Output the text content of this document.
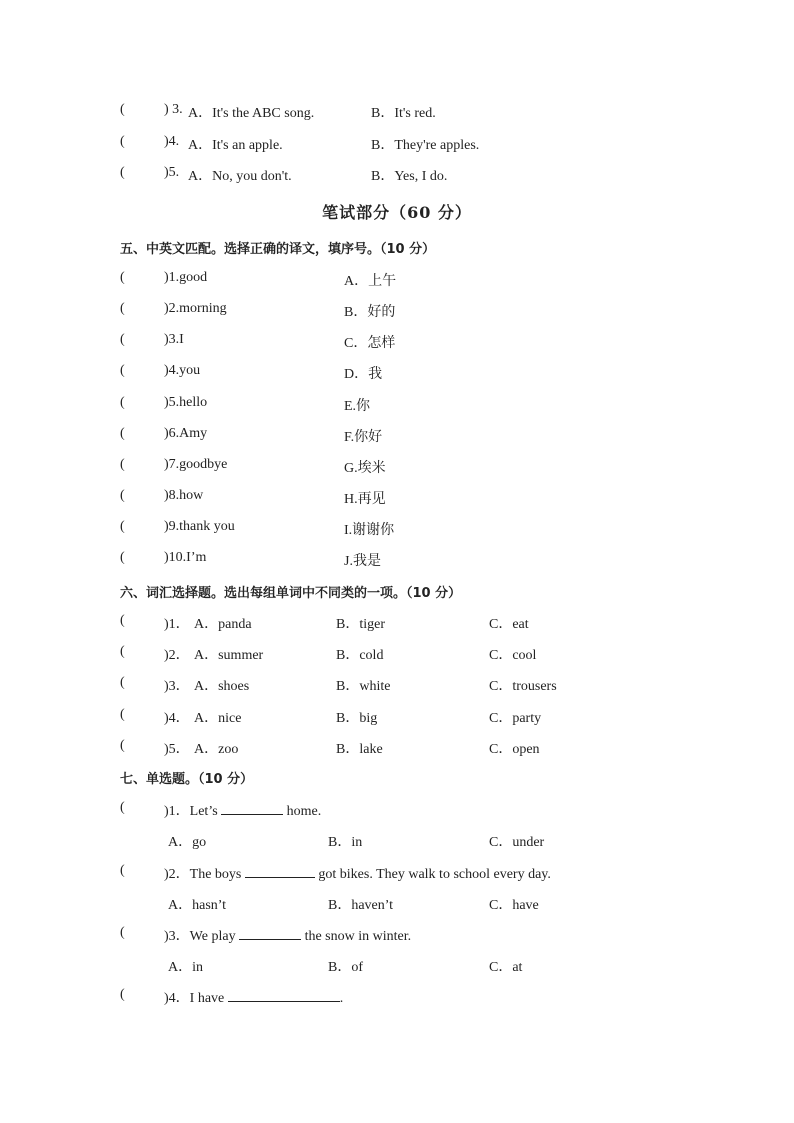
(	) 3. A．It's the ABC song.	B．It's red.
(	)4. A．It's an apple.	B．They're apples.
(	)5. A．No, you don't.	B．Yes, I do.
笔试部分（60 分）
五、中英文匹配。选择正确的译文，填序号。（10 分）
(	)1.good	A．上午
(	)2.morning	B．好的
(	)3.I	C．怎样
(	)4.you	D．我
(	)5.hello	E.你
(	)6.Amy	F.你好
(	)7.goodbye	G.埃米
(	)8.how	H.再见
(	)9.thank you	I.谢谢你
(	)10.I’m	J.我是
六、词汇选择题。选出每组单词中不同类的一项。（10 分）
(	)1． A．panda	B．tiger	C．eat
(	)2． A．summer	B．cold	C．cool
(	)3． A．shoes	B．white	C．trousers
(	)4． A．nice	B．big	C．party
(	)5． A．zoo	B．lake	C．open
七、单选题。（10 分）
(	)1．Let’s	home.
A．go	B．in	C．under
(	)2．The boys	got bikes. They walk to school every day.
A．hasn’t	B．haven’t	C．have
(	)3．We play	the snow in winter.
A．in	B．of	C．at
(	)4．I have	.
